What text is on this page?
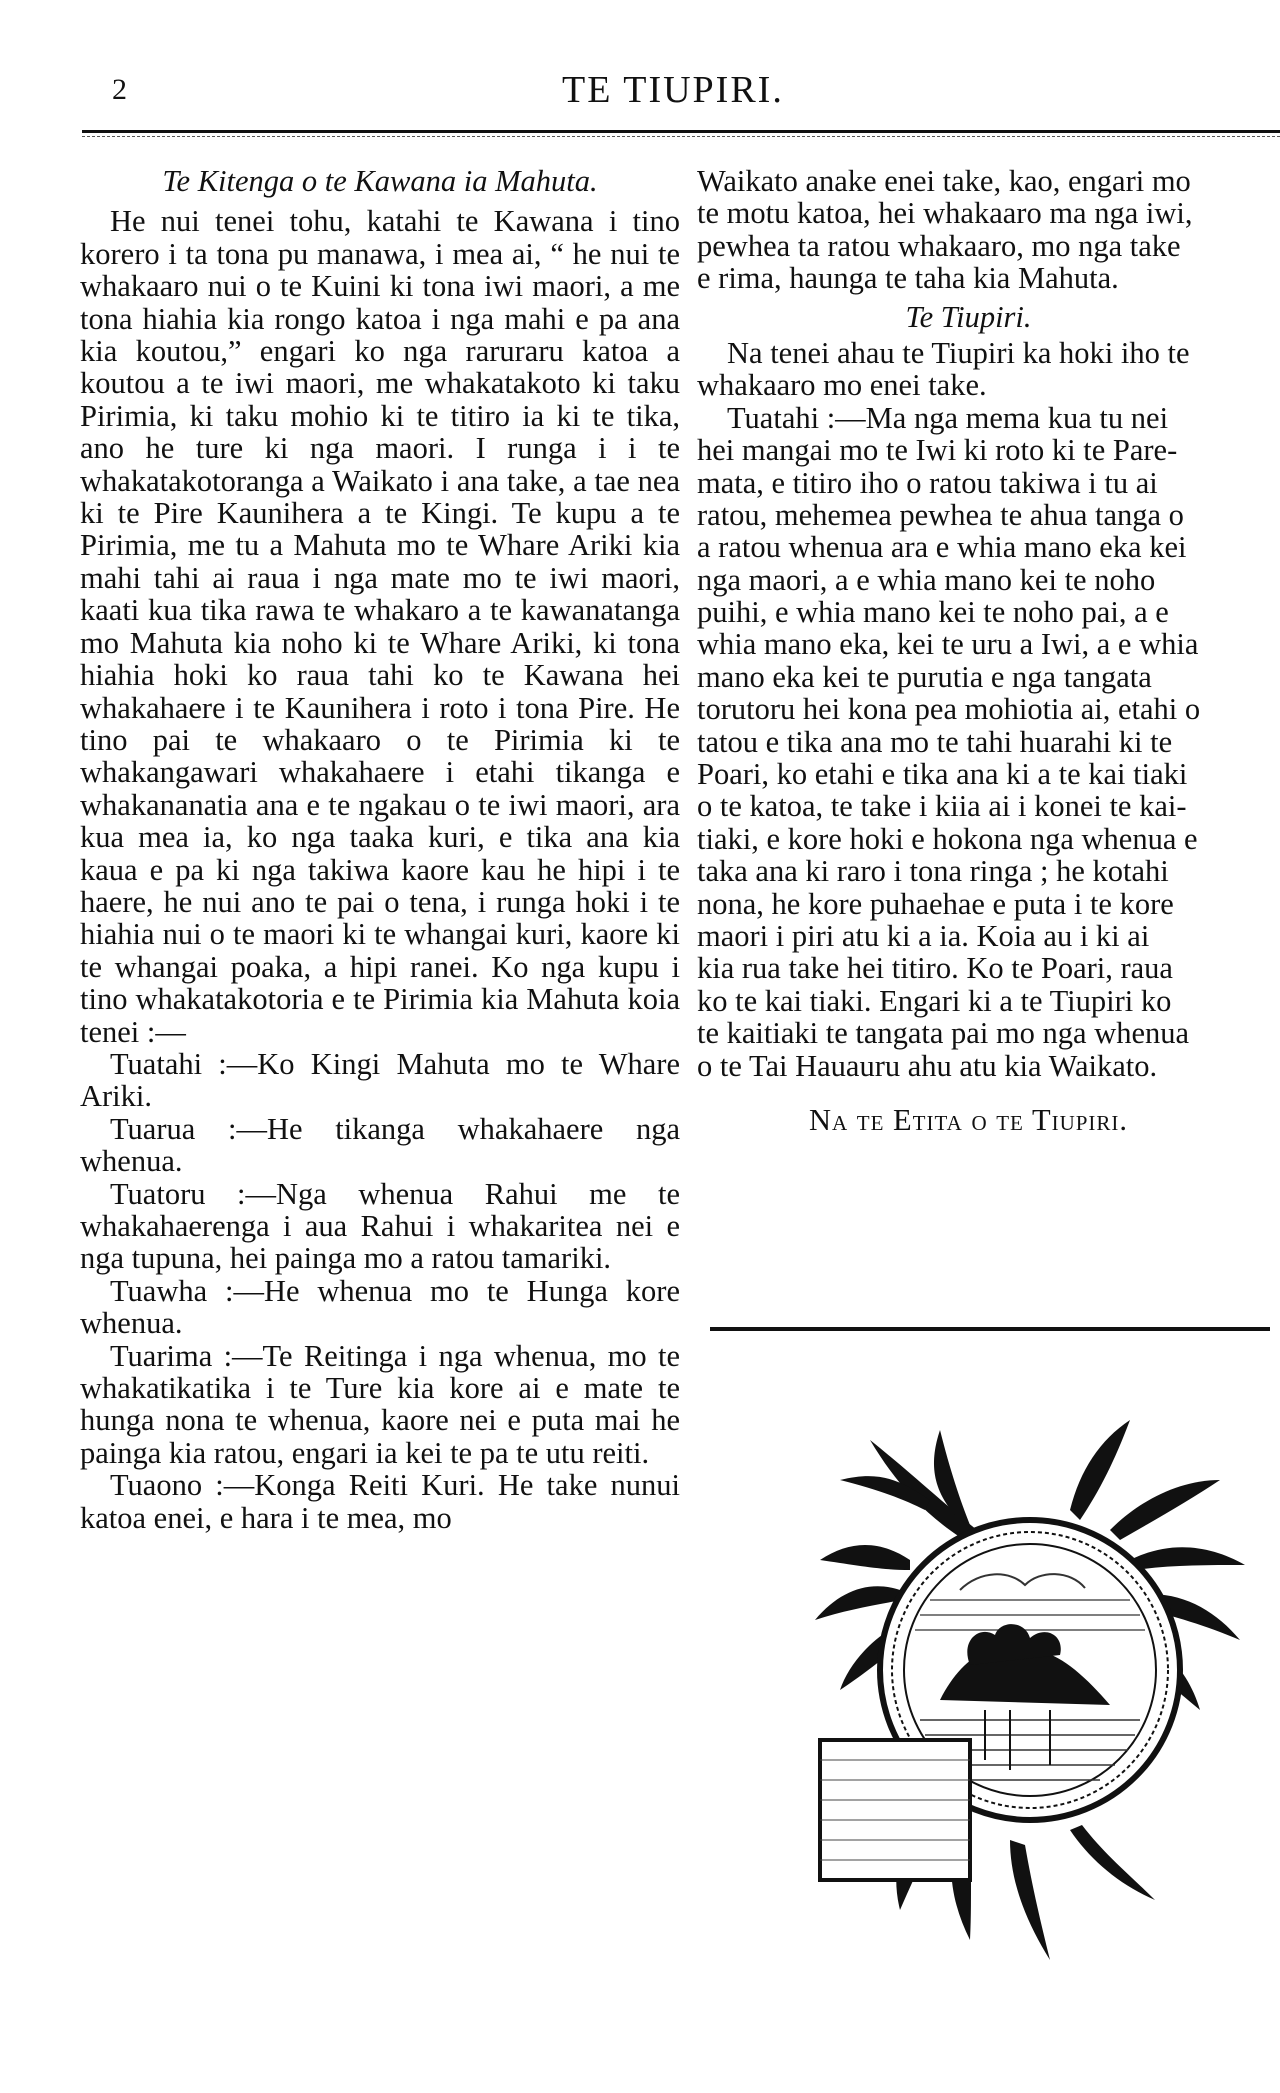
2	TE TIUPIRI.

Te Kitenga o te Kawana ia Mahuta.

He nui tenei tohu, katahi te Kawana i tino korero i ta tona pu manawa, i mea ai, “ he nui te whakaaro nui o te Kuini ki tona iwi maori, a me tona hiahia kia rongo katoa i nga mahi e pa ana kia koutou,” engari ko nga raruraru katoa a koutou a te iwi maori, me whakatakoto ki taku Pirimia, ki taku mohio ki te titiro ia ki te tika, ano he ture ki nga maori. I runga i i te whakatakotoranga a Waikato i ana take, a tae nea ki te Pire Kaunihera a te Kingi. Te kupu a te Pirimia, me tu a Mahuta mo te Whare Ariki kia mahi tahi ai raua i nga mate mo te iwi maori, kaati kua tika rawa te whakaro a te kawanatanga mo Mahuta kia noho ki te Whare Ariki, ki tona hiahia hoki ko raua tahi ko te Kawana hei whakahaere i te Kaunihera i roto i tona Pire. He tino pai te whakaaro o te Pirimia ki te whakangawari whakahaere i etahi tikanga e whakananatia ana e te ngakau o te iwi maori, ara kua mea ia, ko nga taaka kuri, e tika ana kia kaua e pa ki nga takiwa kaore kau he hipi i te haere, he nui ano te pai o tena, i runga hoki i te hiahia nui o te maori ki te whangai kuri, kaore ki te whangai poaka, a hipi ranei. Ko nga kupu i tino whakatakotoria e te Pirimia kia Mahuta koia tenei :—

Tuatahi :—Ko Kingi Mahuta mo te Whare Ariki.

Tuarua :—He tikanga whakahaere nga whenua.

Tuatoru :—Nga whenua Rahui me te whakahaerenga i aua Rahui i whakaritea nei e nga tupuna, hei painga mo a ratou tamariki.

Tuawha :—He whenua mo te Hunga kore whenua.

Tuarima :—Te Reitinga i nga whenua, mo te whakatikatika i te Ture kia kore ai e mate te hunga nona te whenua, kaore nei e puta mai he painga kia ratou, engari ia kei te pa te utu reiti.

Tuaono :—Konga Reiti Kuri. He take nunui katoa enei, e hara i te mea, mo

Waikato anake enei take, kao, engari mo
te motu katoa, hei whakaaro ma nga iwi,
pewhea ta ratou whakaaro, mo nga take
e rima, haunga te taha kia Mahuta.
Te Tiupiri.
Na tenei ahau te Tiupiri ka hoki iho te
whakaaro mo enei take.
Tuatahi :—Ma nga mema kua tu nei
hei mangai mo te Iwi ki roto ki te Pare-
mata, e titiro iho o ratou takiwa i tu ai
ratou, mehemea pewhea te ahua tanga o
a ratou whenua ara e whia mano eka kei
nga maori, a e whia mano kei te noho
puihi, e whia mano kei te noho pai, a e
whia mano eka, kei te uru a Iwi, a e whia
mano eka kei te purutia e nga tangata
torutoru hei kona pea mohiotia ai, etahi o
tatou e tika ana mo te tahi huarahi ki te
Poari, ko etahi e tika ana ki a te kai tiaki
o te katoa, te take i kiia ai i konei te kai-
tiaki, e kore hoki e hokona nga whenua e
taka ana ki raro i tona ringa ; he kotahi
nona, he kore puhaehae e puta i te kore
maori i piri atu ki a ia. Koia au i ki ai
kia rua take hei titiro. Ko te Poari, raua
ko te kai tiaki. Engari ki a te Tiupiri ko
te kaitiaki te tangata pai mo nga whenua
o te Tai Hauauru ahu atu kia Waikato.
Na te Etita o te Tiupiri.
